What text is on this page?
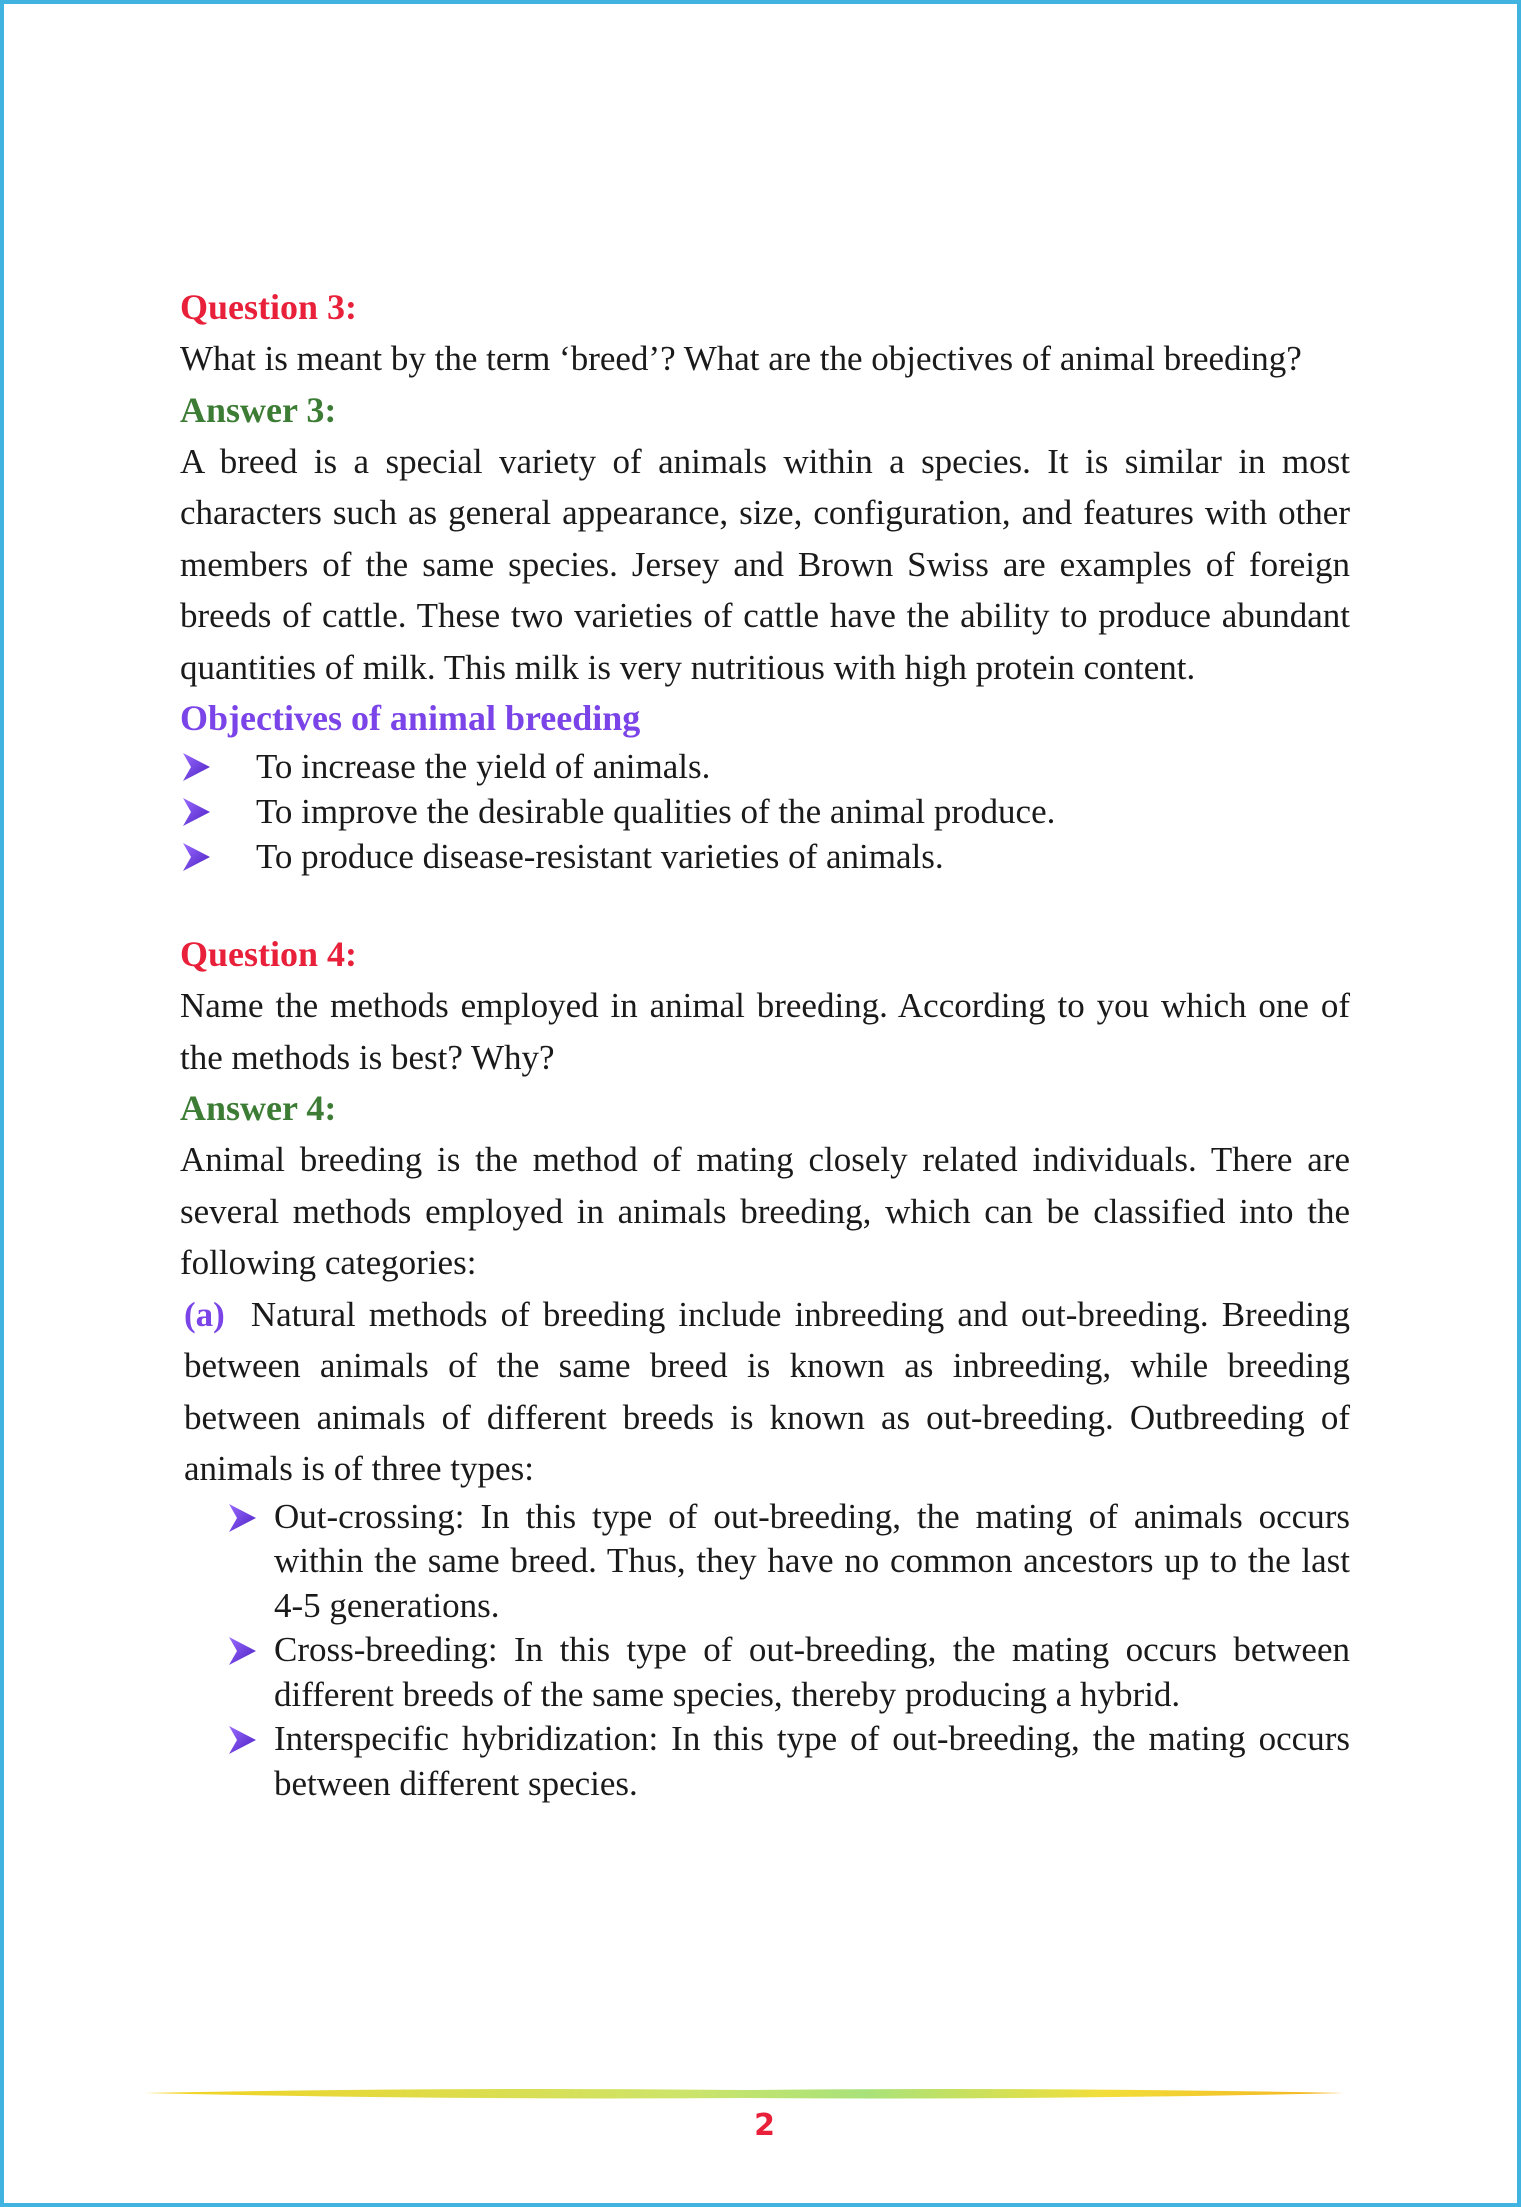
Question 3:

What is meant by the term ‘breed’? What are the objectives of animal breeding?

Answer 3:

A breed is a special variety of animals within a species. It is similar in most characters such as general appearance, size, configuration, and features with other members of the same species. Jersey and Brown Swiss are examples of foreign breeds of cattle. These two varieties of cattle have the ability to produce abundant quantities of milk. This milk is very nutritious with high protein content.

Objectives of animal breeding
To increase the yield of animals.
To improve the desirable qualities of the animal produce.
To produce disease-resistant varieties of animals.
Question 4:

Name the methods employed in animal breeding. According to you which one of the methods is best? Why?

Answer 4:

Animal breeding is the method of mating closely related individuals. There are several methods employed in animals breeding, which can be classified into the following categories:

(a) Natural methods of breeding include inbreeding and out-breeding. Breeding between animals of the same breed is known as inbreeding, while breeding between animals of different breeds is known as out-breeding. Outbreeding of animals is of three types:

Out-crossing: In this type of out-breeding, the mating of animals occurs within the same breed. Thus, they have no common ancestors up to the last 4-5 generations.
Cross-breeding: In this type of out-breeding, the mating occurs between different breeds of the same species, thereby producing a hybrid.
Interspecific hybridization: In this type of out-breeding, the mating occurs between different species.
2
